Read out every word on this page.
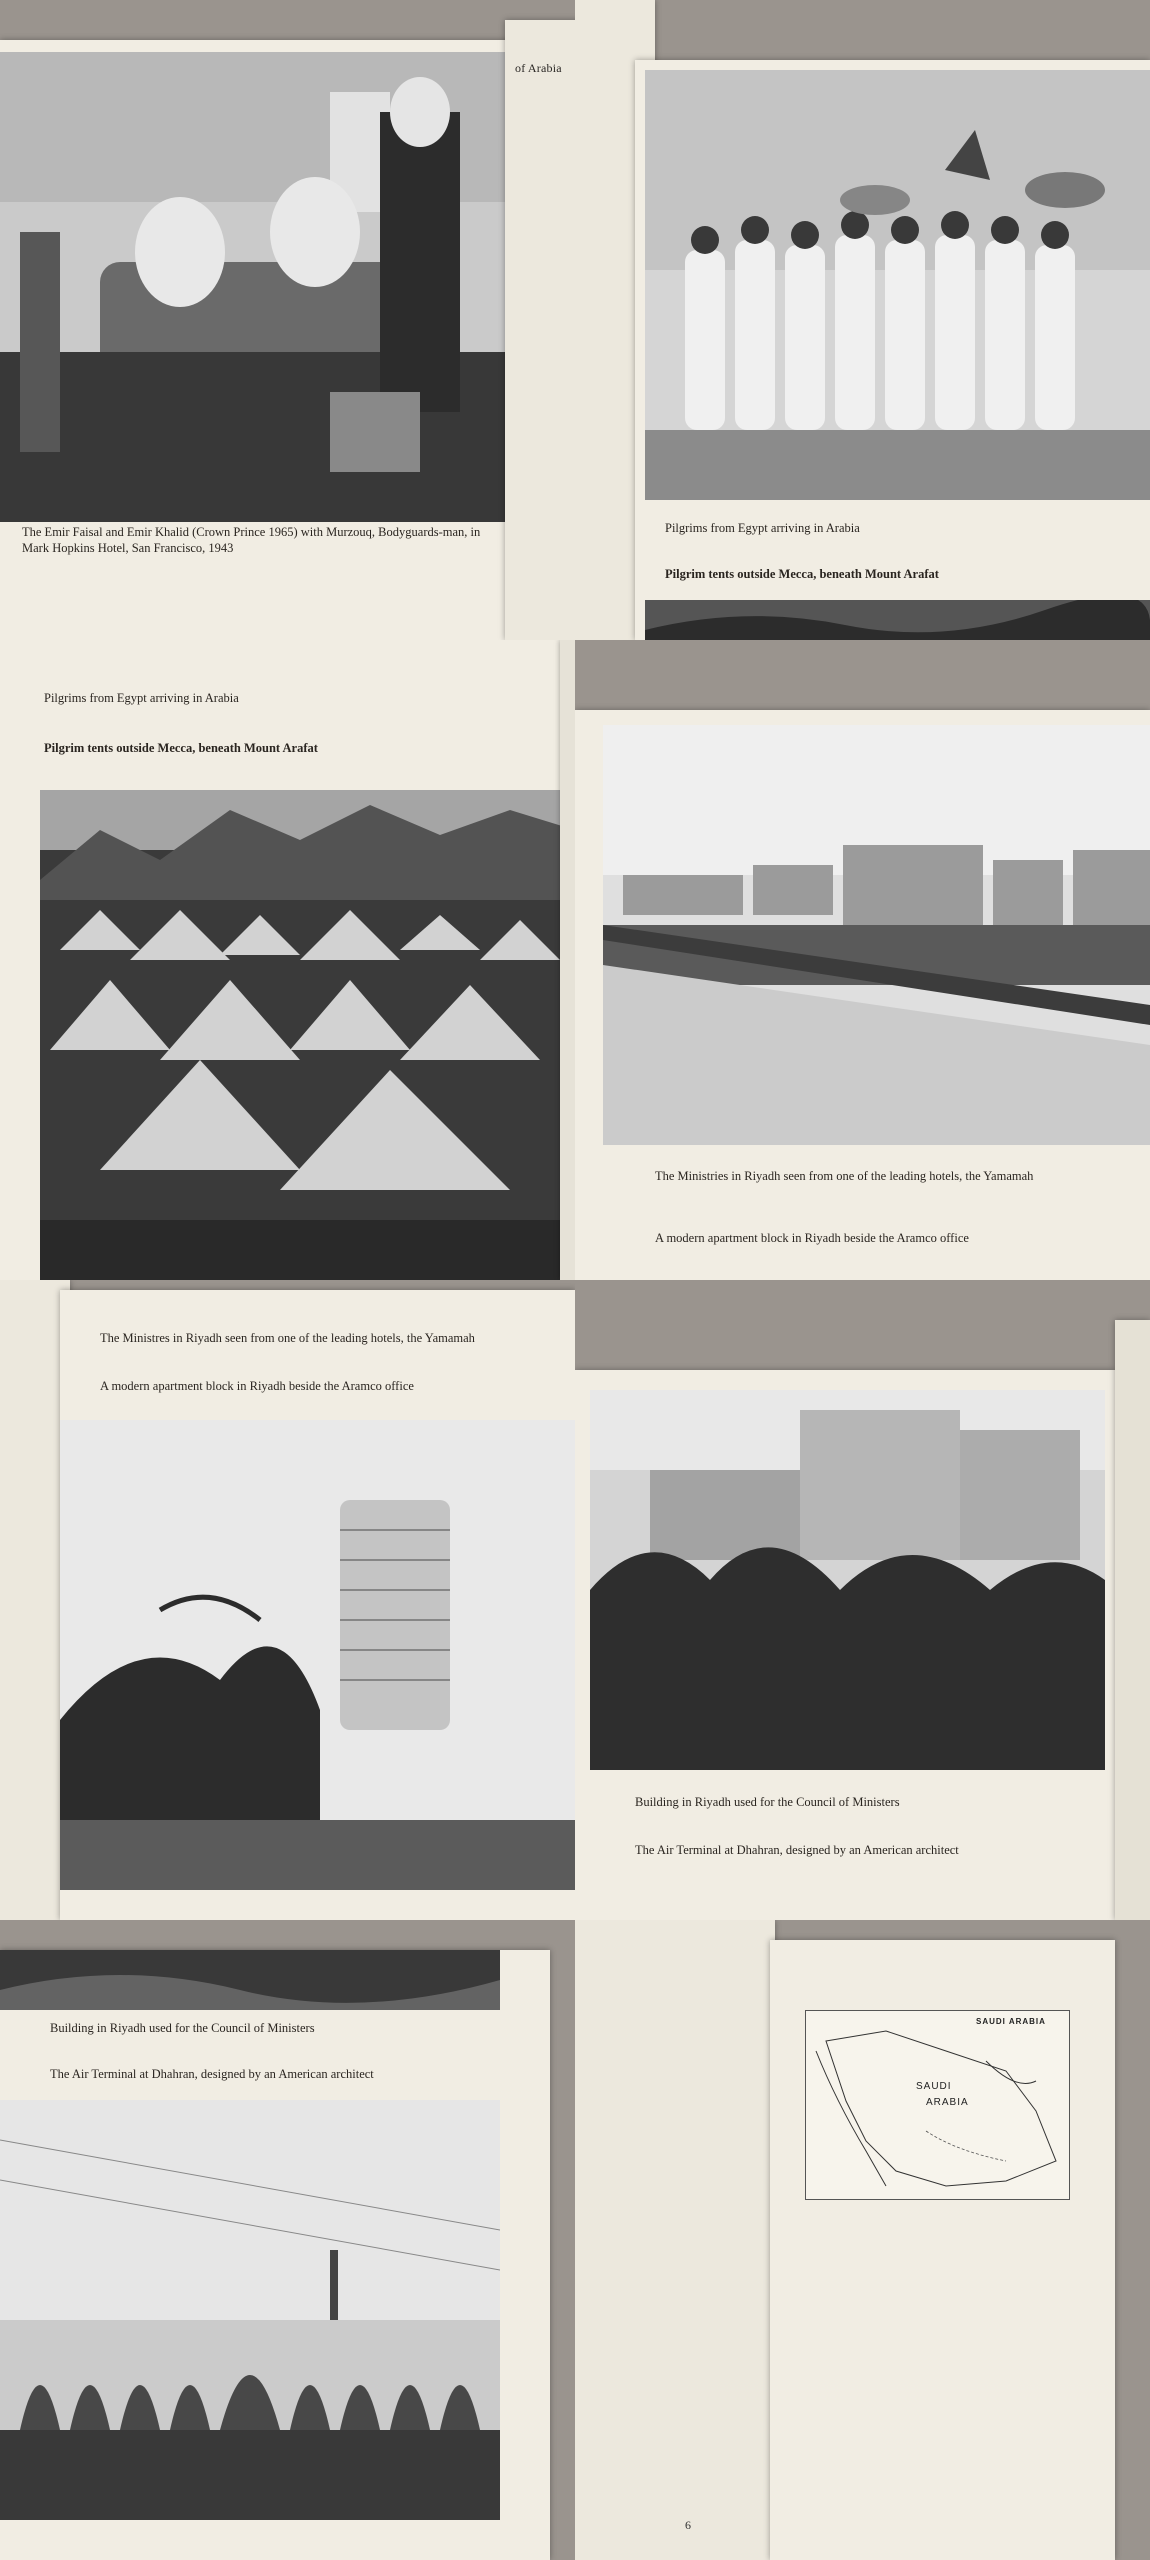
The Emir Faisal and Emir Khalid (Crown Prince 1965) with Murzouq, Bodyguards-man, in Mark Hopkins Hotel, San Francisco, 1943
of Arabia
Pilgrims from Egypt arriving in Arabia
Pilgrim tents outside Mecca, beneath Mount Arafat
Pilgrims from Egypt arriving in Arabia
Pilgrim tents outside Mecca, beneath Mount Arafat
The Ministries in Riyadh seen from one of the leading hotels, the Yamamah
A modern apartment block in Riyadh beside the Aramco office
The Ministres in Riyadh seen from one of the leading hotels, the Yamamah
A modern apartment block in Riyadh beside the Aramco office
Building in Riyadh used for the Council of Ministers
The Air Terminal at Dhahran, designed by an American architect
Building in Riyadh used for the Council of Ministers
The Air Terminal at Dhahran, designed by an American architect
6
SAUDI ARABIA
SAUDI
ARABIA
